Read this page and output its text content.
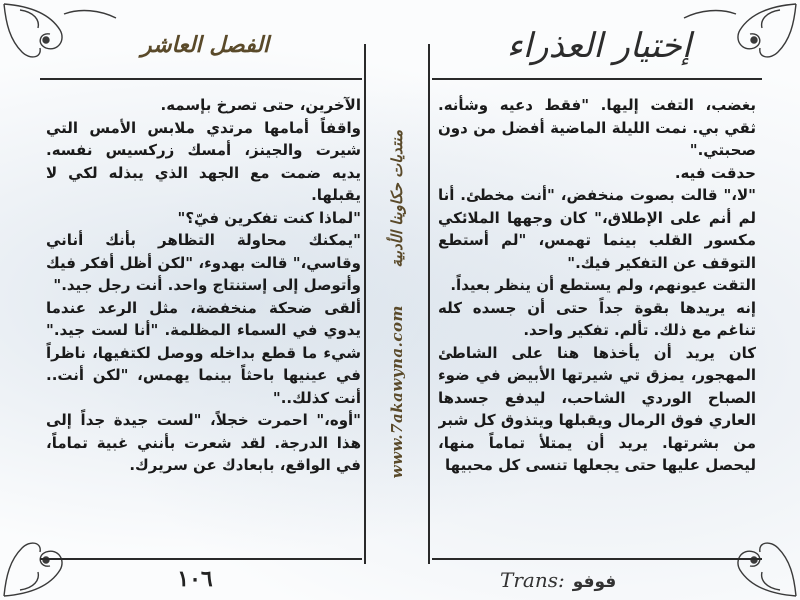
إختيار العذراء
الفصل العاشر
www.7akawyna.com  منتديات حكاوينا الأدبية

بغضب، التفت إليها. "فقط دعيه وشأنه. ثقي بي. نمت الليلة الماضية أفضل من دون صحبتي."

حدقت فيه.

"لا،" قالت بصوت منخفض، "أنت مخطئ. أنا لم أنم على الإطلاق،" كان وجهها الملائكي مكسور القلب بينما تهمس، "لم أستطع التوقف عن التفكير فيك."

التقت عيونهم، ولم يستطع أن ينظر بعيداً.

إنه يريدها بقوة جداً حتى أن جسده كله تناغم مع ذلك. تألم. تفكير واحد.

كان يريد أن يأخذها هنا على الشاطئ المهجور، يمزق تي شيرتها الأبيض في ضوء الصباح الوردي الشاحب، ليدفع جسدها العاري فوق الرمال ويقبلها ويتذوق كل شبر من بشرتها. يريد أن يمتلأ تماماً منها، ليحصل عليها حتى يجعلها تنسى كل محبيها

الآخرين، حتى تصرخ بإسمه.

واقفاً أمامها مرتدي ملابس الأمس التي شيرت والجينز، أمسك زركسيس نفسه. يديه ضمت مع الجهد الذي يبذله لكي لا يقبلها.

"لماذا كنت تفكرين فيّ؟"

"يمكنك محاولة التظاهر بأنك أناني وقاسي،" قالت بهدوء، "لكن أظل أفكر فيك وأتوصل إلى إستنتاج واحد. أنت رجل جيد."

ألقى ضحكة منخفضة، مثل الرعد عندما يدوي في السماء المظلمة. "أنا لست جيد." شيء ما قطع بداخله ووصل لكتفيها، ناظراً في عينيها باحثاً بينما يهمس، "لكن أنت.. أنت كذلك.."

"أوه،" احمرت خجلاً، "لست جيدة جداً إلى هذا الدرجة. لقد شعرت بأنني غبية تماماً، في الواقع، بابعادك عن سريرك.

١٠٦	Trans: فوفو
